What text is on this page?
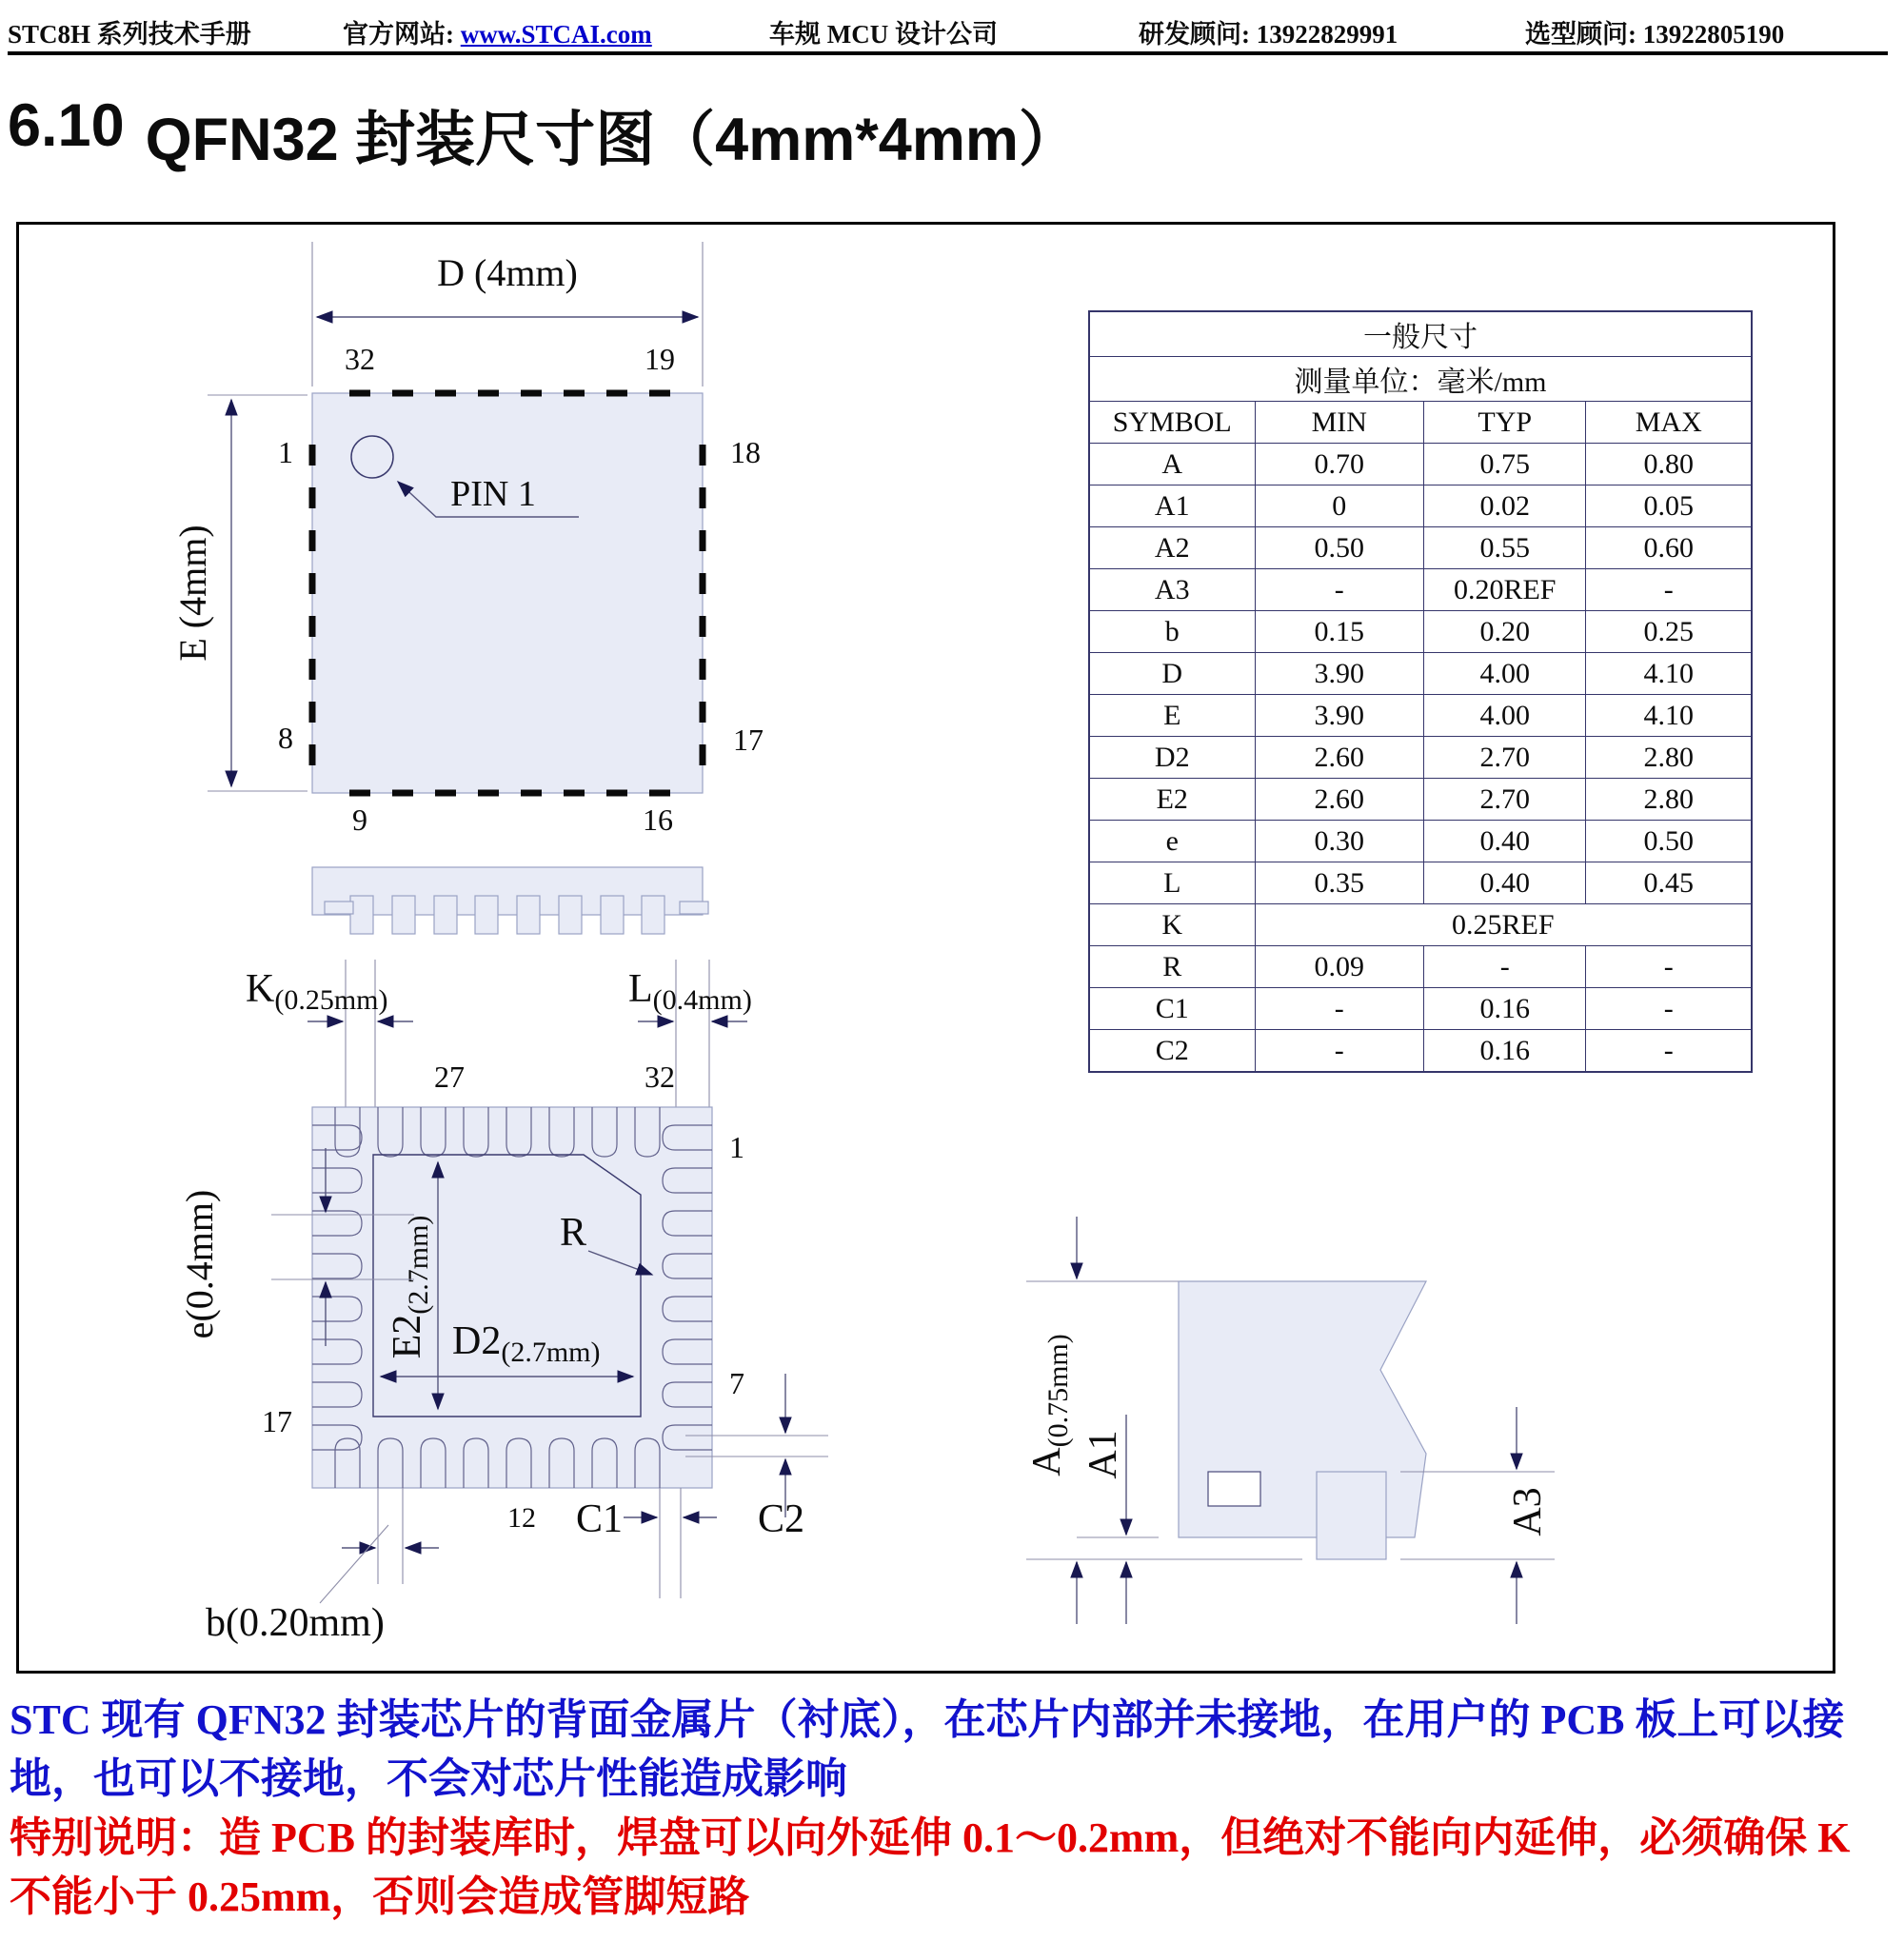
STC8H 系列技术手册	官方网站: www.STCAI.com	车规 MCU 设计公司	研发顾问: 13922829991	选型顾问: 13922805190
6.10 QFN32 封装尺寸图（4mm*4mm）
D (4mm)
PIN 1
E (4mm)
32	19
1	18
8	17
9	16
K(0.25mm)	L(0.4mm)
27	32
E2(2.7mm)
D2(2.7mm)
R
e(0.4mm)
1
7
17
12 C1	C2
b(0.20mm)
A(0.75mm)
A1
A3
一般尺寸			
测量单位：毫米/mm			
SYMBOL	MIN	TYP	MAX
A	0.70	0.75	0.80
A1	0	0.02	0.05
A2	0.50	0.55	0.60
A3	-	0.20REF	-
b	0.15	0.20	0.25
D	3.90	4.00	4.10
E	3.90	4.00	4.10
D2	2.60	2.70	2.80
E2	2.60	2.70	2.80
e	0.30	0.40	0.50
L	0.35	0.40	0.45
K	0.25REF		
R	0.09	-	-
C1	-	0.16	-
C2	-	0.16	-

STC 现有 QFN32 封装芯片的背面金属片（衬底），在芯片内部并未接地，在用户的 PCB 板上可以接地，也可以不接地，不会对芯片性能造成影响

特别说明：造 PCB 的封装库时，焊盘可以向外延伸 0.1～0.2mm，但绝对不能向内延伸，必须确保 K 不能小于 0.25mm，否则会造成管脚短路
